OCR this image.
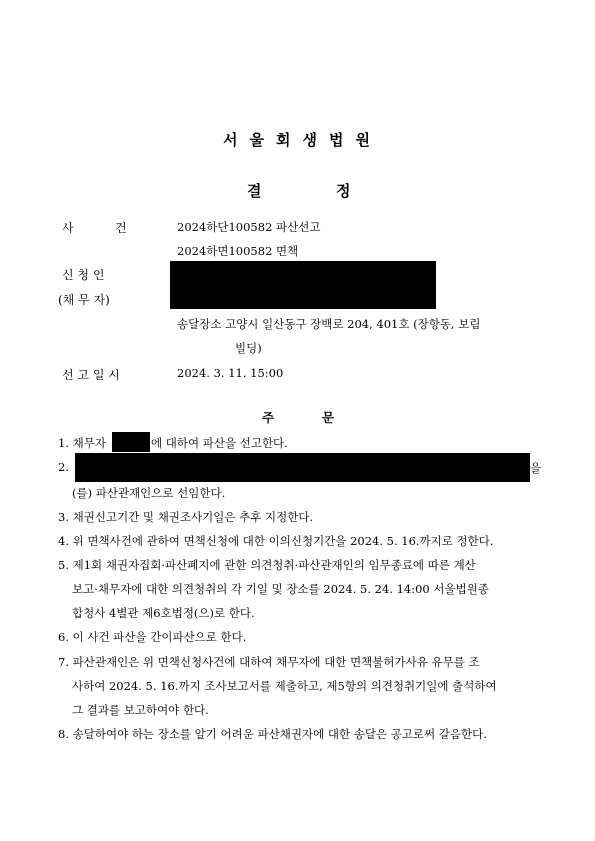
서울회생법원
결	정
사	건	2024하단100582 파산선고
2024하면100582 면책
신 청 인
(채 무 자)
송달장소 고양시 일산동구 장백로 204, 401호 (장항동, 보림
빌딩)
선 고 일 시	2024. 3. 11. 15:00
주	문
1. 채무자	에 대하여 파산을 선고한다.
2.	을
(를) 파산관재인으로 선임한다.
3. 채권신고기간 및 채권조사기일은 추후 지정한다.
4. 위 면책사건에 관하여 면책신청에 대한 이의신청기간을 2024. 5. 16.까지로 정한다.
5. 제1회 채권자집회·파산폐지에 관한 의견청취·파산관재인의 임무종료에 따른 계산
보고·채무자에 대한 의견청취의 각 기일 및 장소를 2024. 5. 24. 14:00 서울법원종
합청사 4별관 제6호법정(으)로 한다.
6. 이 사건 파산을 간이파산으로 한다.
7. 파산관재인은 위 면책신청사건에 대하여 채무자에 대한 면책불허가사유 유무를 조
사하여 2024. 5. 16.까지 조사보고서를 제출하고, 제5항의 의견청취기일에 출석하여
그 결과를 보고하여야 한다.
8. 송달하여야 하는 장소를 알기 어려운 파산채권자에 대한 송달은 공고로써 갈음한다.
